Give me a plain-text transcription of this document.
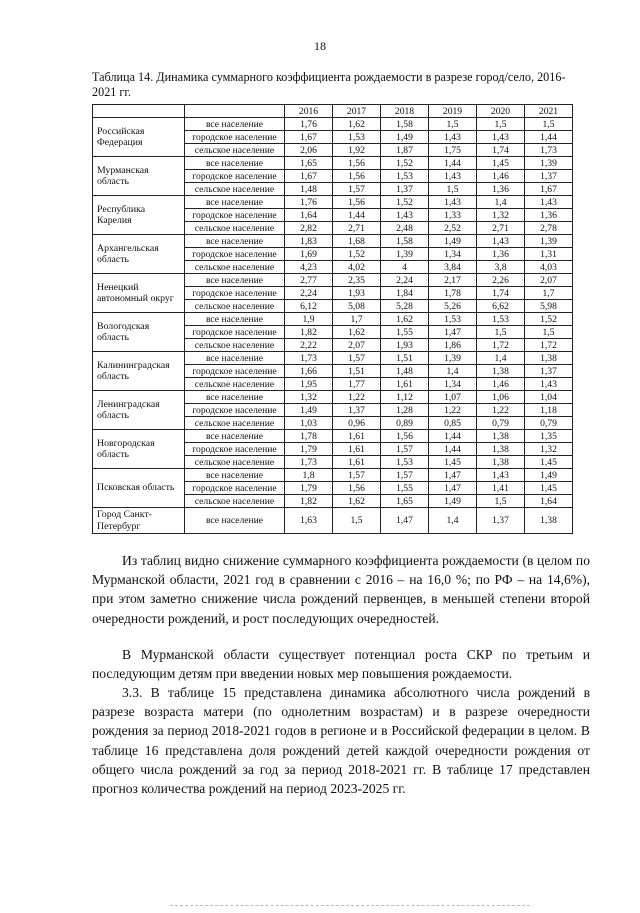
18
Таблица 14. Динамика суммарного коэффициента рождаемости в разрезе город/село, 2016-2021 гг.
		2016	2017	2018	2019	2020	2021
Российская Федерация	все население	1,76	1,62	1,58	1,5	1,5	1,5
	городское население	1,67	1,53	1,49	1,43	1,43	1,44
	сельское население	2,06	1,92	1,87	1,75	1,74	1,73
Мурманская область	все население	1,65	1,56	1,52	1,44	1,45	1,39
	городское население	1,67	1,56	1,53	1,43	1,46	1,37
	сельское население	1,48	1,57	1,37	1,5	1,36	1,67
Республика Карелия	все население	1,76	1,56	1,52	1,43	1,4	1,43
	городское население	1,64	1,44	1,43	1,33	1,32	1,36
	сельское население	2,82	2,71	2,48	2,52	2,71	2,78
Архангельская область	все население	1,83	1,68	1,58	1,49	1,43	1,39
	городское население	1,69	1,52	1,39	1,34	1,36	1,31
	сельское население	4,23	4,02	4	3,84	3,8	4,03
Ненецкий автономный округ	все население	2,77	2,35	2,24	2,17	2,26	2,07
	городское население	2,24	1,93	1,84	1,78	1,74	1,7
	сельское население	6,12	5,08	5,28	5,26	6,62	5,98
Вологодская область	все население	1,9	1,7	1,62	1,53	1,53	1,52
	городское население	1,82	1,62	1,55	1,47	1,5	1,5
	сельское население	2,22	2,07	1,93	1,86	1,72	1,72
Калининградская область	все население	1,73	1,57	1,51	1,39	1,4	1,38
	городское население	1,66	1,51	1,48	1,4	1,38	1,37
	сельское население	1,95	1,77	1,61	1,34	1,46	1,43
Ленинградская область	все население	1,32	1,22	1,12	1,07	1,06	1,04
	городское население	1,49	1,37	1,28	1,22	1,22	1,18
	сельское население	1,03	0,96	0,89	0,85	0,79	0,79
Новгородская область	все население	1,78	1,61	1,56	1,44	1,38	1,35
	городское население	1,79	1,61	1,57	1,44	1,38	1,32
	сельское население	1,73	1,61	1,53	1,45	1,38	1,45
Псковская область	все население	1,8	1,57	1,57	1,47	1,43	1,49
	городское население	1,79	1,56	1,55	1,47	1,41	1,45
	сельское население	1,82	1,62	1,65	1,49	1,5	1,64
Город Санкт-Петербург	все население	1,63	1,5	1,47	1,4	1,37	1,38

Из таблиц видно снижение суммарного коэффициента рождаемости (в целом по Мурманской области, 2021 год в сравнении с 2016 – на 16,0 %; по РФ – на 14,6%), при этом заметно снижение числа рождений первенцев, в меньшей степени второй очередности рождений, и рост последующих очередностей.

В Мурманской области существует потенциал роста СКР по третьим и последующим детям при введении новых мер повышения рождаемости.

3.3. В таблице 15 представлена динамика абсолютного числа рождений в разрезе возраста матери (по однолетним возрастам) и в разрезе очередности рождения за период 2018-2021 годов в регионе и в Российской федерации в целом. В таблице 16 представлена доля рождений детей каждой очередности рождения от общего числа рождений за год за период 2018-2021 гг. В таблице 17 представлен прогноз количества рождений на период 2023-2025 гг.
